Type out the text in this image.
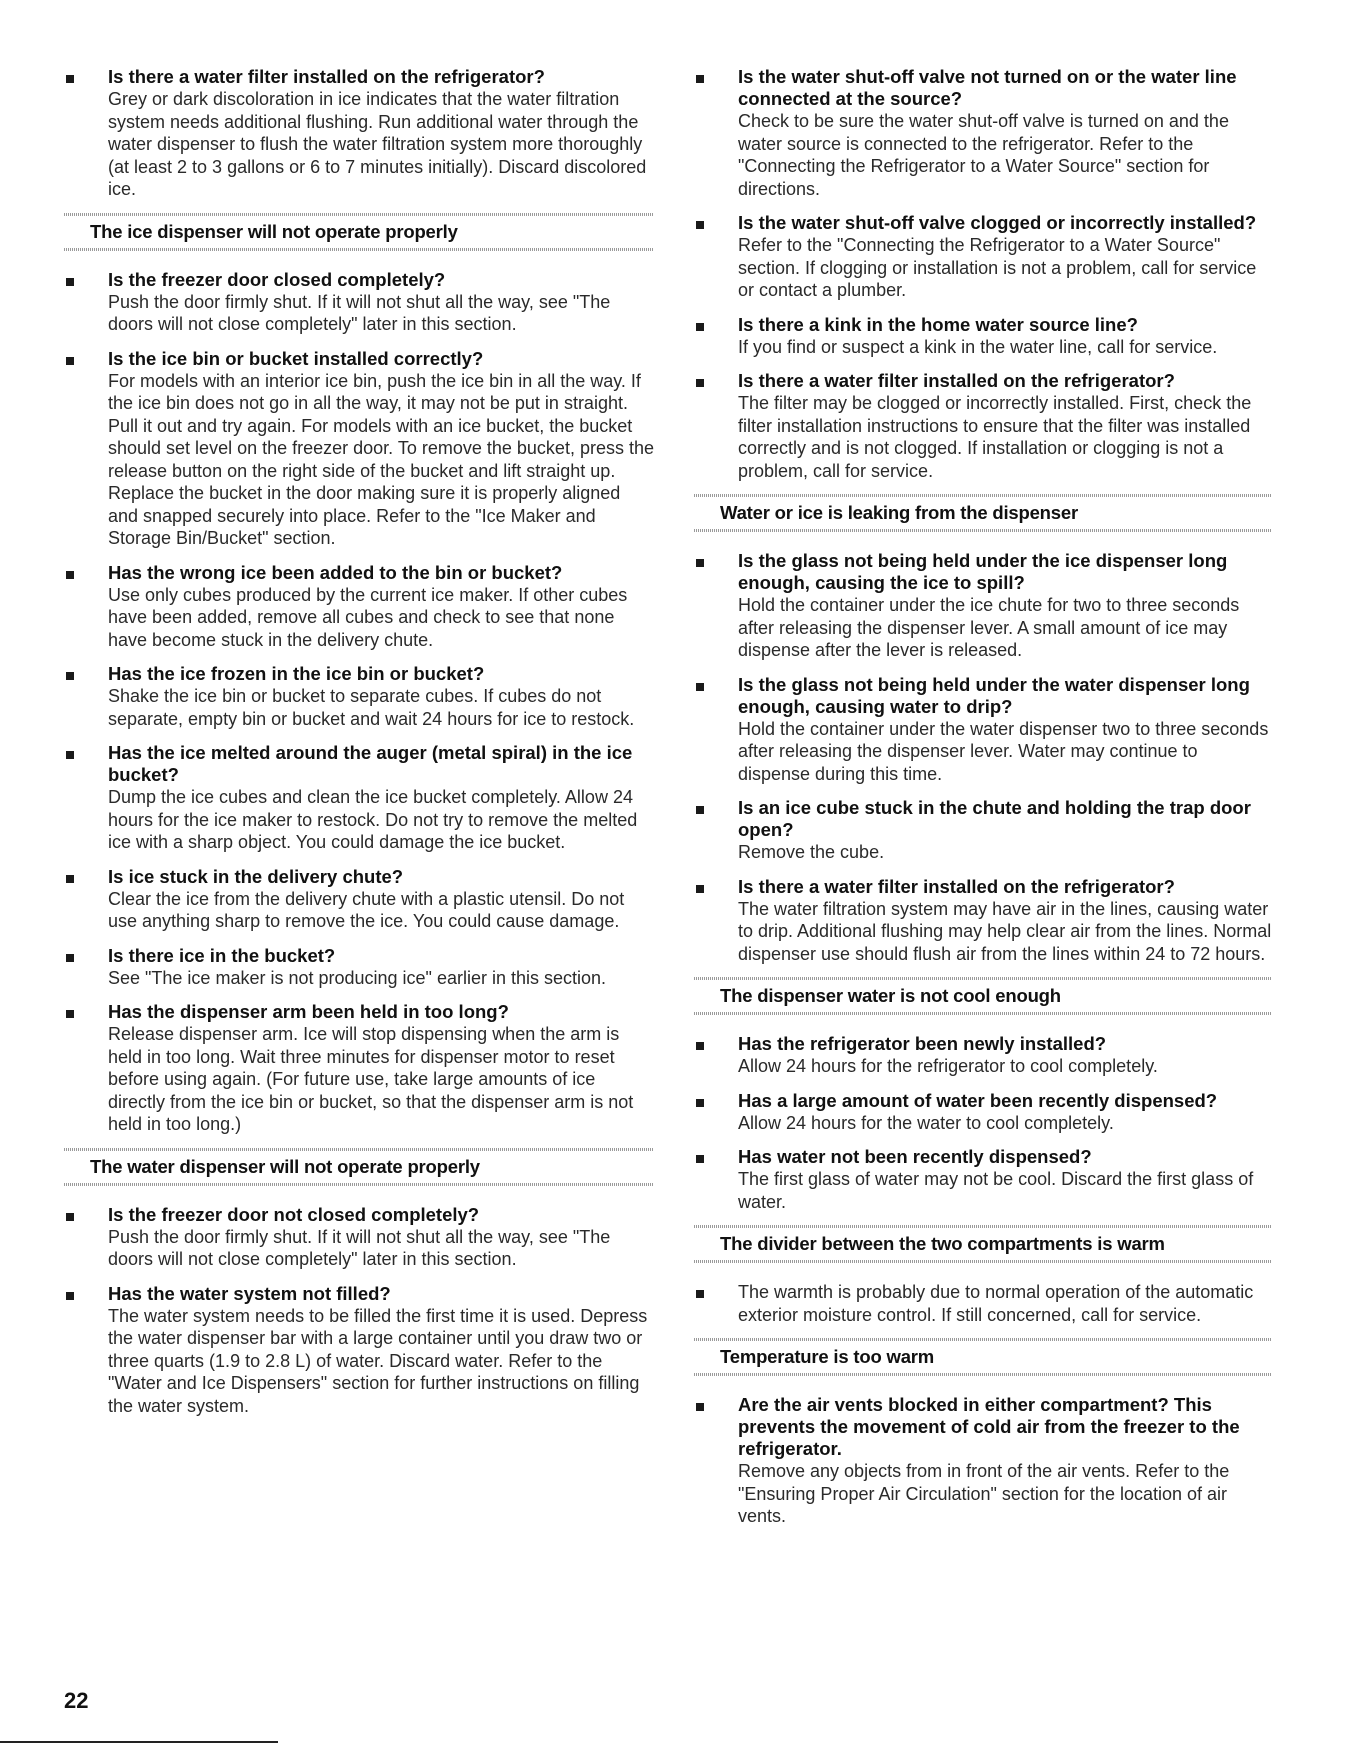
Is there a water filter installed on the refrigerator?
Grey or dark discoloration in ice indicates that the water filtration system needs additional flushing. Run additional water through the water dispenser to flush the water filtration system more thoroughly (at least 2 to 3 gallons or 6 to 7 minutes initially). Discard discolored ice.
The ice dispenser will not operate properly
Is the freezer door closed completely?
Push the door firmly shut. If it will not shut all the way, see "The doors will not close completely" later in this section.
Is the ice bin or bucket installed correctly?
For models with an interior ice bin, push the ice bin in all the way. If the ice bin does not go in all the way, it may not be put in straight. Pull it out and try again. For models with an ice bucket, the bucket should set level on the freezer door. To remove the bucket, press the release button on the right side of the bucket and lift straight up. Replace the bucket in the door making sure it is properly aligned and snapped securely into place. Refer to the "Ice Maker and Storage Bin/Bucket" section.
Has the wrong ice been added to the bin or bucket?
Use only cubes produced by the current ice maker. If other cubes have been added, remove all cubes and check to see that none have become stuck in the delivery chute.
Has the ice frozen in the ice bin or bucket?
Shake the ice bin or bucket to separate cubes. If cubes do not separate, empty bin or bucket and wait 24 hours for ice to restock.
Has the ice melted around the auger (metal spiral) in the ice bucket?
Dump the ice cubes and clean the ice bucket completely. Allow 24 hours for the ice maker to restock. Do not try to remove the melted ice with a sharp object. You could damage the ice bucket.
Is ice stuck in the delivery chute?
Clear the ice from the delivery chute with a plastic utensil. Do not use anything sharp to remove the ice. You could cause damage.
Is there ice in the bucket?
See "The ice maker is not producing ice" earlier in this section.
Has the dispenser arm been held in too long?
Release dispenser arm. Ice will stop dispensing when the arm is held in too long. Wait three minutes for dispenser motor to reset before using again. (For future use, take large amounts of ice directly from the ice bin or bucket, so that the dispenser arm is not held in too long.)
The water dispenser will not operate properly
Is the freezer door not closed completely?
Push the door firmly shut. If it will not shut all the way, see "The doors will not close completely" later in this section.
Has the water system not filled?
The water system needs to be filled the first time it is used. Depress the water dispenser bar with a large container until you draw two or three quarts (1.9 to 2.8 L) of water. Discard water. Refer to the "Water and Ice Dispensers" section for further instructions on filling the water system.
Is the water shut-off valve not turned on or the water line connected at the source?
Check to be sure the water shut-off valve is turned on and the water source is connected to the refrigerator. Refer to the "Connecting the Refrigerator to a Water Source" section for directions.
Is the water shut-off valve clogged or incorrectly installed?
Refer to the "Connecting the Refrigerator to a Water Source" section. If clogging or installation is not a problem, call for service or contact a plumber.
Is there a kink in the home water source line?
If you find or suspect a kink in the water line, call for service.
Is there a water filter installed on the refrigerator?
The filter may be clogged or incorrectly installed. First, check the filter installation instructions to ensure that the filter was installed correctly and is not clogged. If installation or clogging is not a problem, call for service.
Water or ice is leaking from the dispenser
Is the glass not being held under the ice dispenser long enough, causing the ice to spill?
Hold the container under the ice chute for two to three seconds after releasing the dispenser lever. A small amount of ice may dispense after the lever is released.
Is the glass not being held under the water dispenser long enough, causing water to drip?
Hold the container under the water dispenser two to three seconds after releasing the dispenser lever. Water may continue to dispense during this time.
Is an ice cube stuck in the chute and holding the trap door open?
Remove the cube.
Is there a water filter installed on the refrigerator?
The water filtration system may have air in the lines, causing water to drip. Additional flushing may help clear air from the lines. Normal dispenser use should flush air from the lines within 24 to 72 hours.
The dispenser water is not cool enough
Has the refrigerator been newly installed?
Allow 24 hours for the refrigerator to cool completely.
Has a large amount of water been recently dispensed?
Allow 24 hours for the water to cool completely.
Has water not been recently dispensed?
The first glass of water may not be cool. Discard the first glass of water.
The divider between the two compartments is warm
The warmth is probably due to normal operation of the automatic exterior moisture control. If still concerned, call for service.
Temperature is too warm
Are the air vents blocked in either compartment? This prevents the movement of cold air from the freezer to the refrigerator.
Remove any objects from in front of the air vents. Refer to the "Ensuring Proper Air Circulation" section for the location of air vents.
22
